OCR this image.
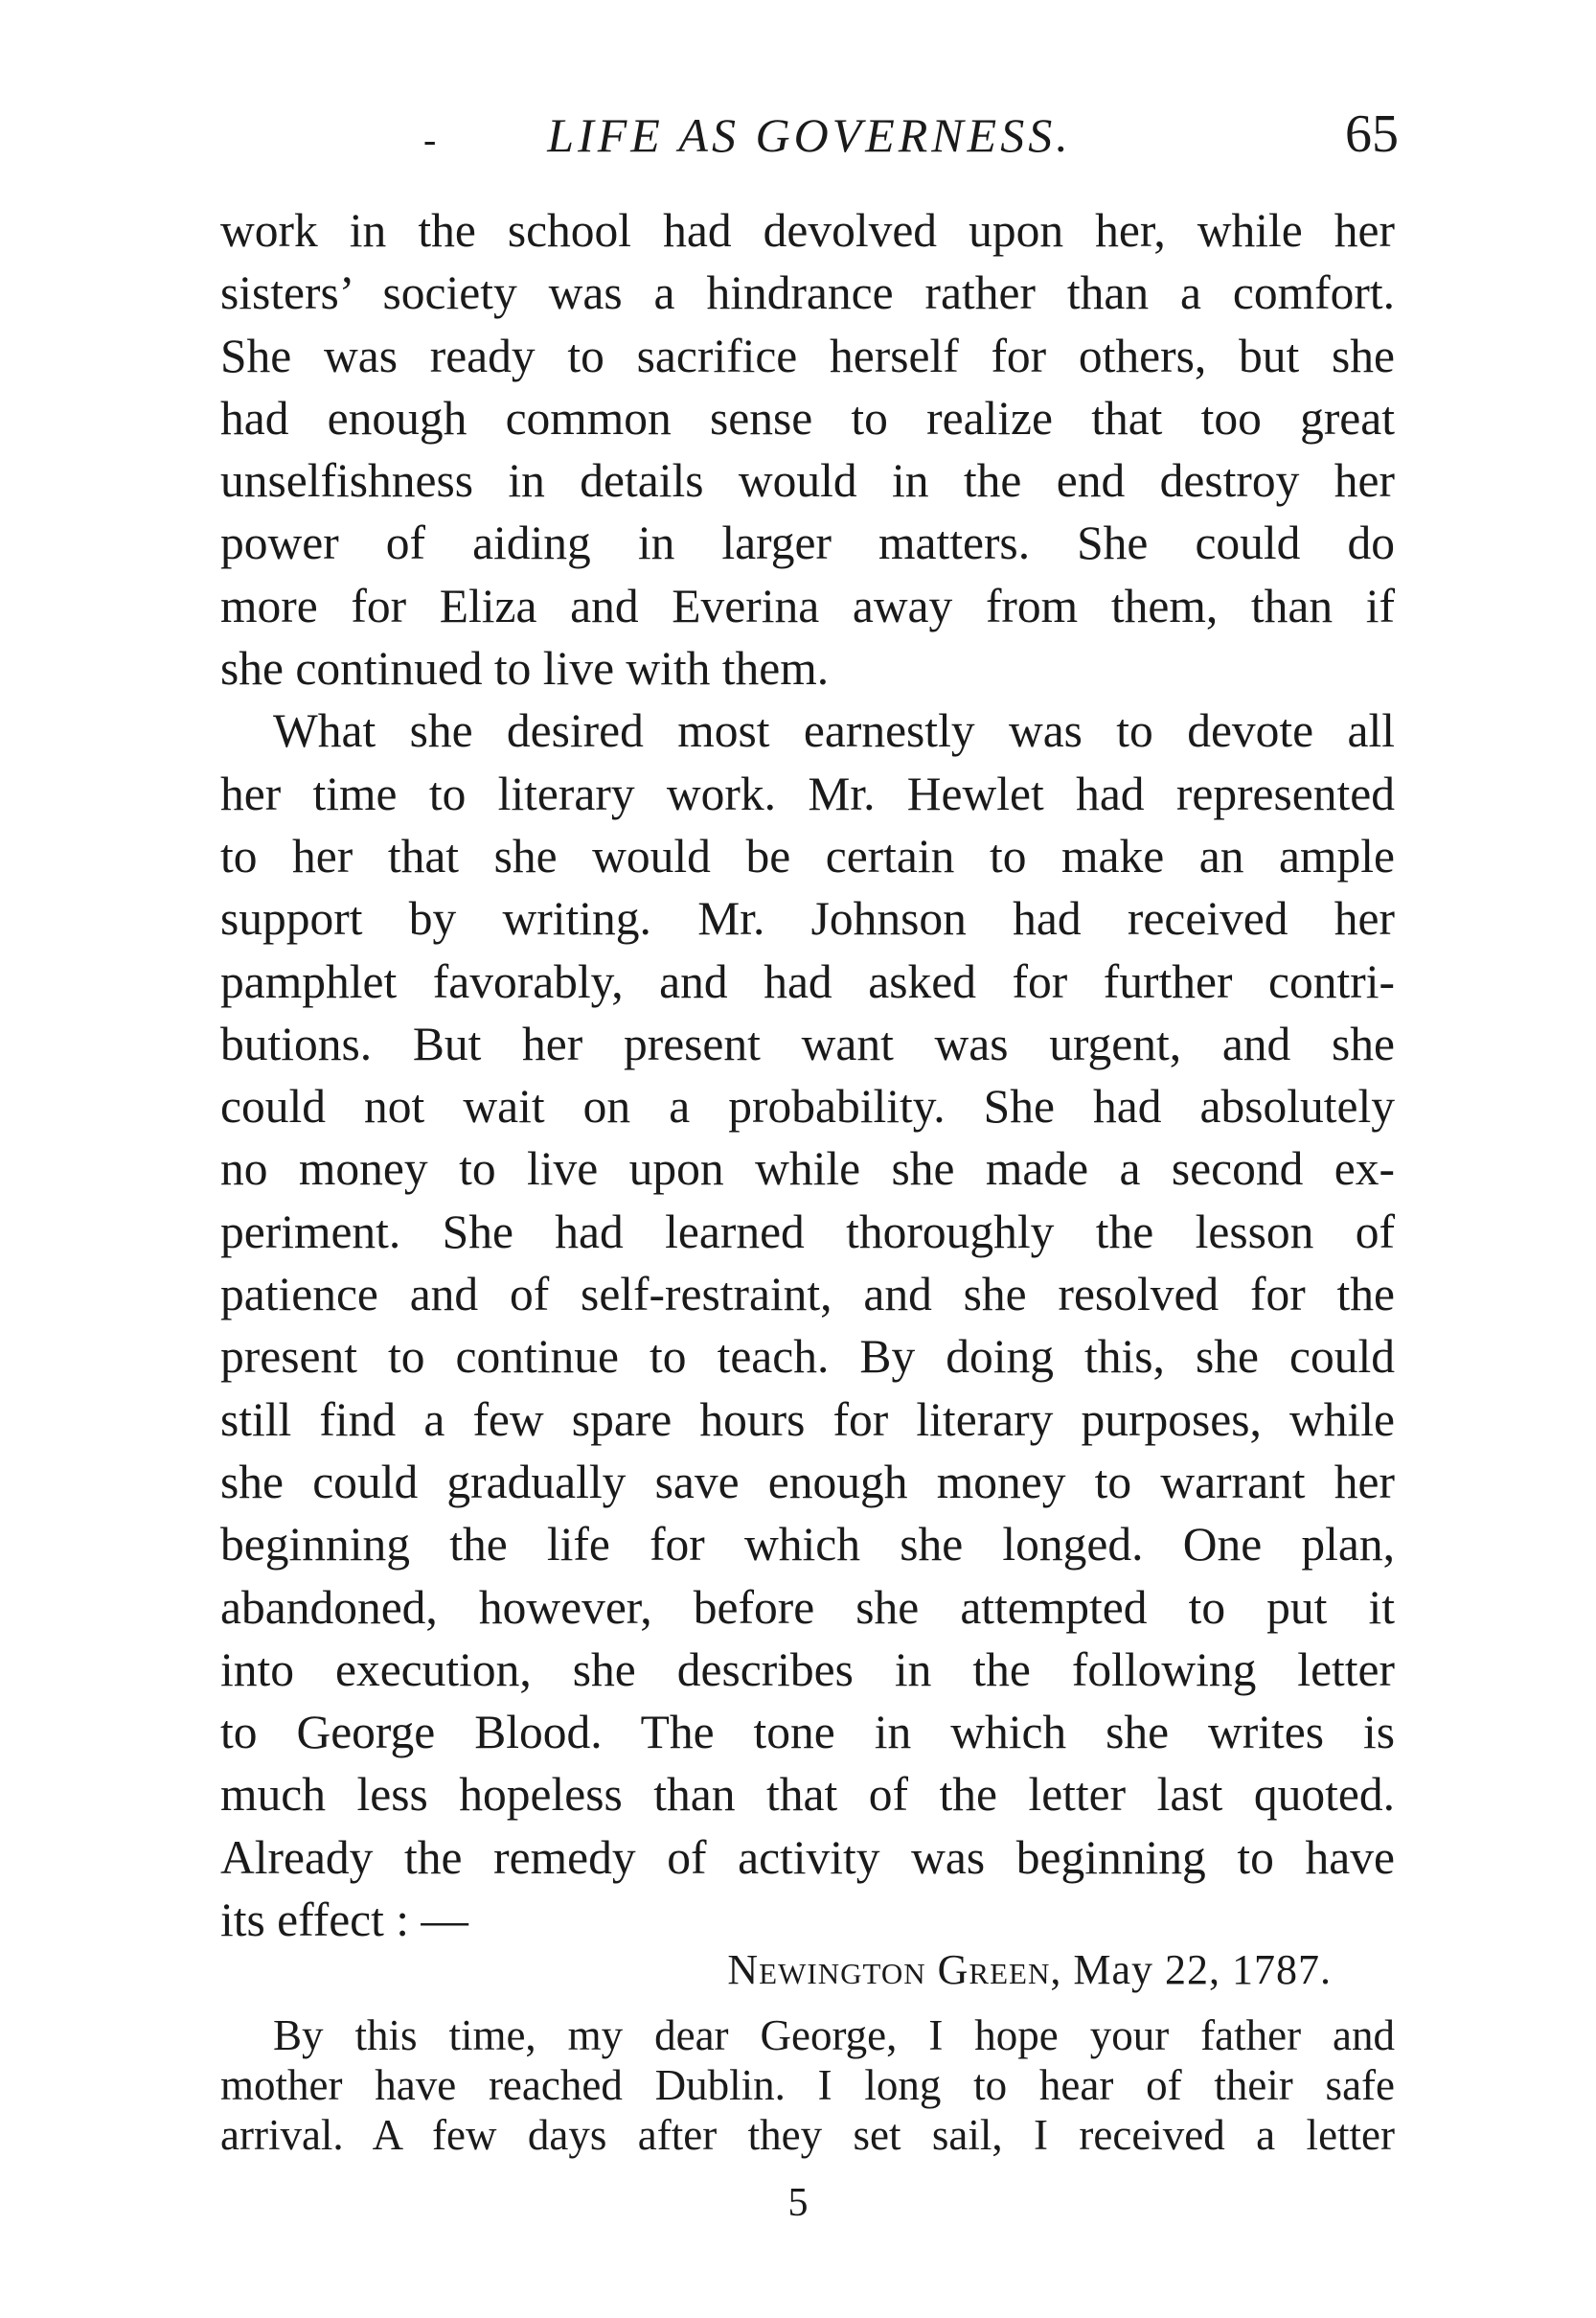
-	LIFE AS GOVERNESS.	65
work in the school had devolved upon her, while her
sisters’ society was a hindrance rather than a comfort.
She was ready to sacrifice herself for others, but she
had enough common sense to realize that too great
unselfishness in details would in the end destroy her
power of aiding in larger matters. She could do
more for Eliza and Everina away from them, than if
she continued to live with them.
What she desired most earnestly was to devote all
her time to literary work. Mr. Hewlet had represented
to her that she would be certain to make an ample
support by writing. Mr. Johnson had received her
pamphlet favorably, and had asked for further contri-
butions. But her present want was urgent, and she
could not wait on a probability. She had absolutely
no money to live upon while she made a second ex-
periment. She had learned thoroughly the lesson of
patience and of self-restraint, and she resolved for the
present to continue to teach. By doing this, she could
still find a few spare hours for literary purposes, while
she could gradually save enough money to warrant her
beginning the life for which she longed. One plan,
abandoned, however, before she attempted to put it
into execution, she describes in the following letter
to George Blood. The tone in which she writes is
much less hopeless than that of the letter last quoted.
Already the remedy of activity was beginning to have
its effect : —
Newington Green, May 22, 1787.
By this time, my dear George, I hope your father and
mother have reached Dublin. I long to hear of their safe
arrival. A few days after they set sail, I received a letter
5
